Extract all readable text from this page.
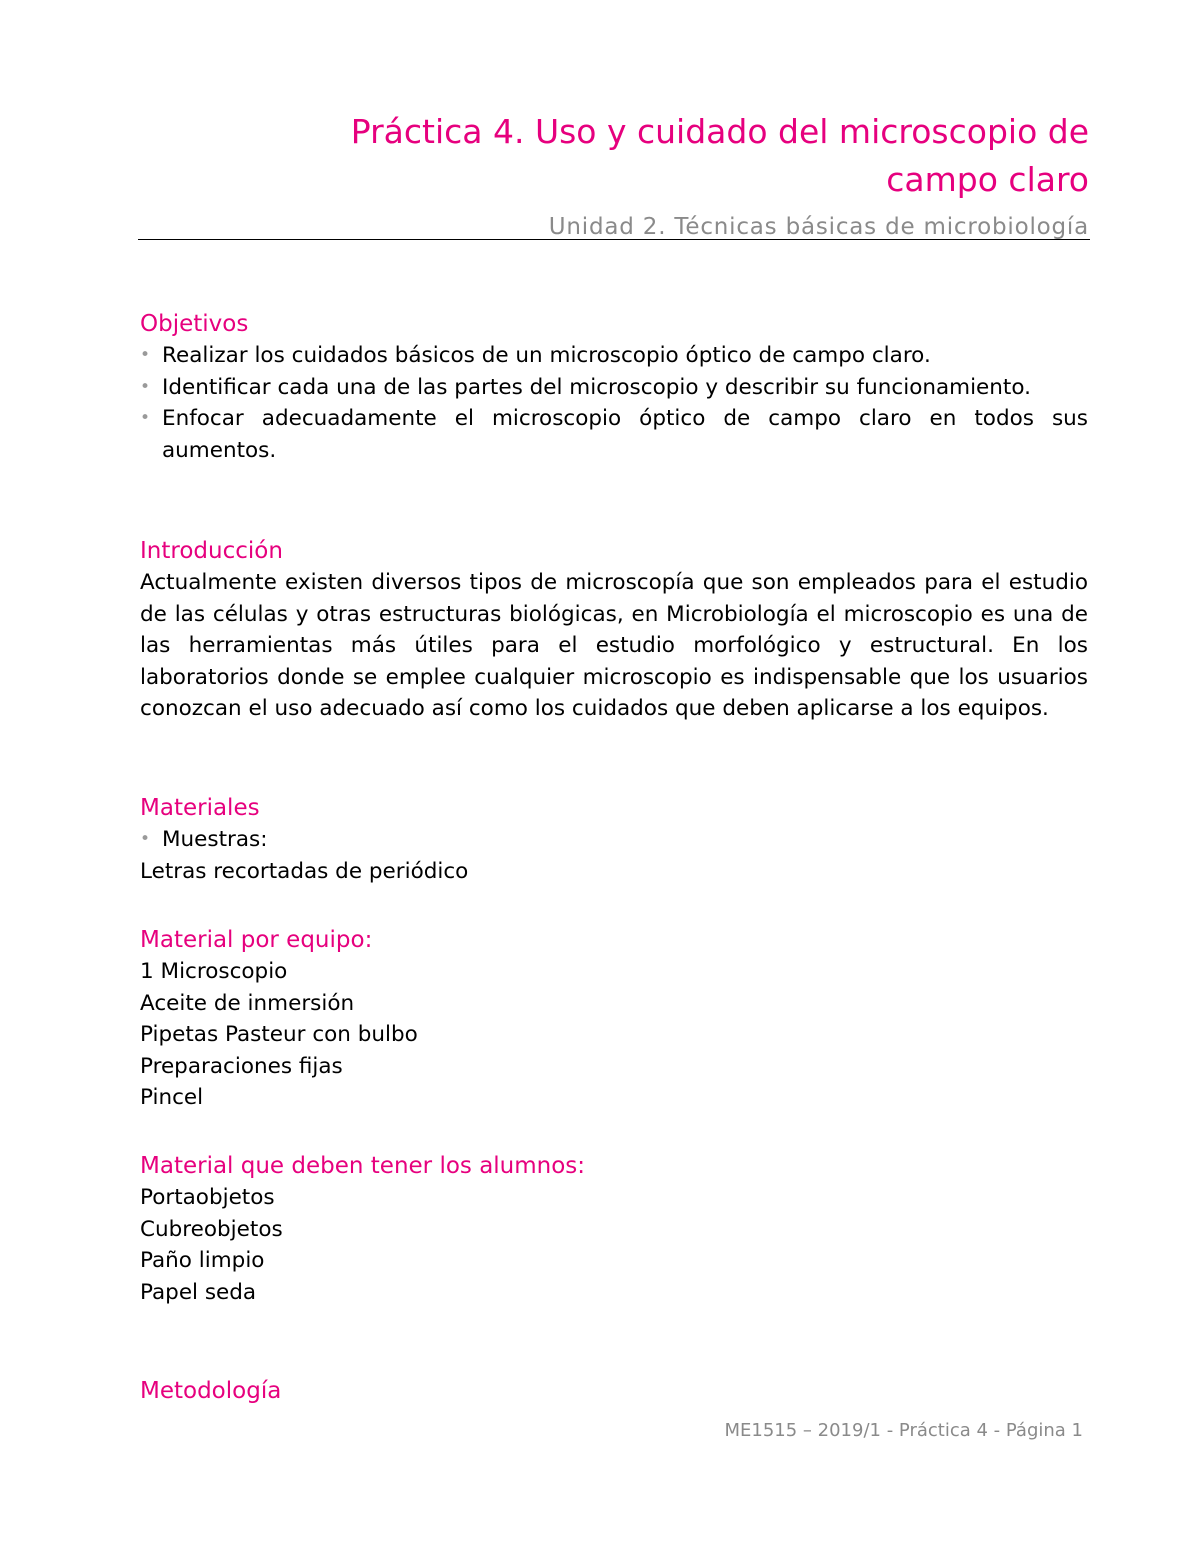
Práctica 4. Uso y cuidado del microscopio de
campo claro
Unidad 2. Técnicas básicas de microbiología
Objetivos
• Realizar los cuidados básicos de un microscopio óptico de campo claro.
• Identificar cada una de las partes del microscopio y describir su funcionamiento.
• Enfocar adecuadamente el microscopio óptico de campo claro en todos sus aumentos.
Introducción

Actualmente existen diversos tipos de microscopía que son empleados para el estudio de las células y otras estructuras biológicas, en Microbiología el microscopio es una de las herramientas más útiles para el estudio morfológico y estructural. En los laboratorios donde se emplee cualquier microscopio es indispensable que los usuarios conozcan el uso adecuado así como los cuidados que deben aplicarse a los equipos.

Materiales
• Muestras:

Letras recortadas de periódico

Material por equipo:
1 Microscopio
Aceite de inmersión
Pipetas Pasteur con bulbo
Preparaciones fijas
Pincel
Material que deben tener los alumnos:
Portaobjetos
Cubreobjetos
Paño limpio
Papel seda
Metodología
ME1515 – 2019/1 - Práctica 4 - Página 1
